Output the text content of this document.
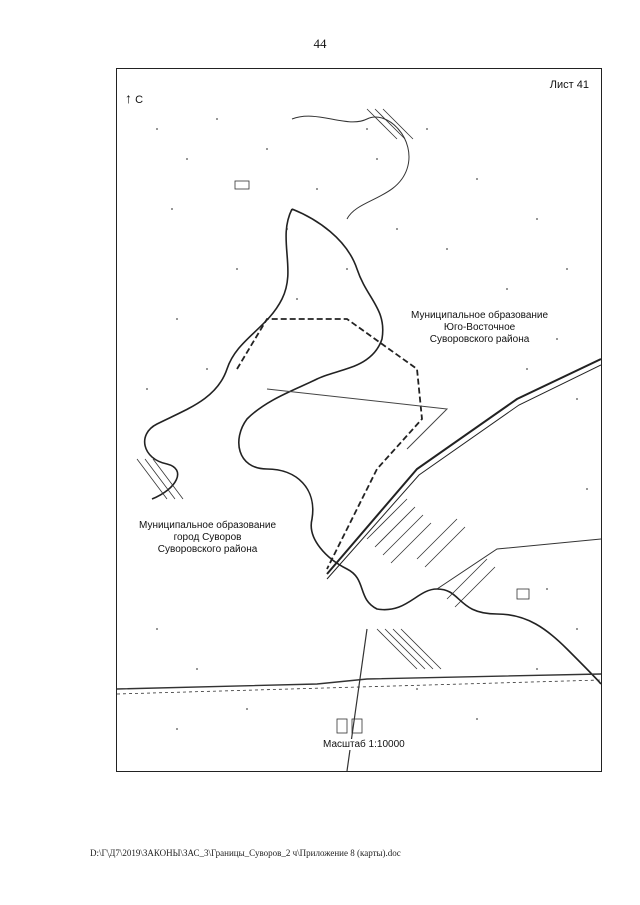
44
Лист 41
↑ С
Муниципальное образование
Юго-Восточное
Суворовского района
Муниципальное образование
город Суворов
Суворовского района
Масштаб 1:10000
D:\Г\Д7\2019\ЗАКОНЫ\ЗАС_3\Границы_Суворов_2 ч\Приложение 8 (карты).doc
